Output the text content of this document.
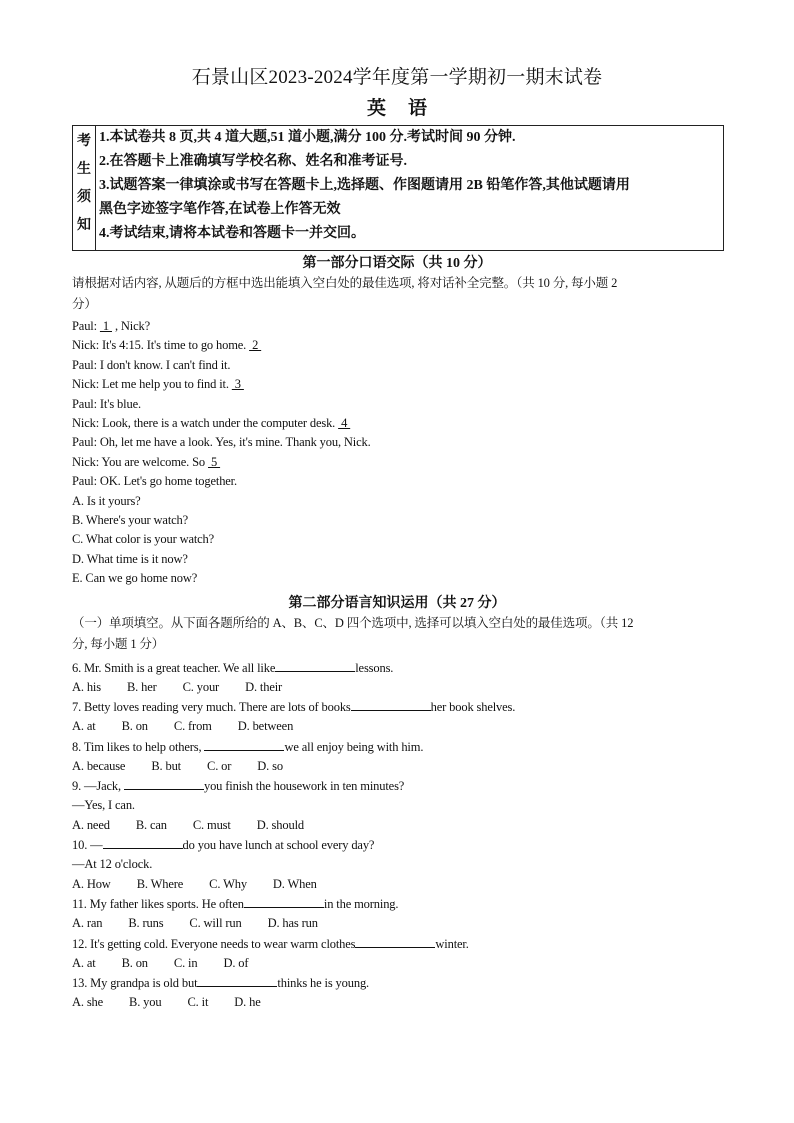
石景山区2023-2024学年度第一学期初一期末试卷
英语
考
生
须
知
1.本试卷共 8 页,共 4 道大题,51 道小题,满分 100 分.考试时间 90 分钟.
2.在答题卡上准确填写学校名称、姓名和准考证号.
3.试题答案一律填涂或书写在答题卡上,选择题、作图题请用 2B 铅笔作答,其他试题请用
黑色字迹签字笔作答,在试卷上作答无效
4.考试结束,请将本试卷和答题卡一并交回。
第一部分口语交际（共 10 分）
请根据对话内容, 从题后的方框中选出能填入空白处的最佳选项, 将对话补全完整。（共 10 分, 每小题 2
分）
Paul:  1  , Nick?
Nick: It's 4:15. It's time to go home.  2
Paul: I don't know. I can't find it.
Nick: Let me help you to find it.  3
Paul: It's blue.
Nick: Look, there is a watch under the computer desk.  4
Paul: Oh, let me have a look. Yes, it's mine. Thank you, Nick.
Nick: You are welcome. So  5
Paul: OK. Let's go home together.
A. Is it yours?
B. Where's your watch?
C. What color is your watch?
D. What time is it now?
E. Can we go home now?
第二部分语言知识运用（共 27 分）
（一）单项填空。从下面各题所给的 A、B、C、D 四个选项中, 选择可以填入空白处的最佳选项。（共 12
分, 每小题 1 分）
6. Mr. Smith is a great teacher. We all like	lessons.
A. his B. her C. your D. their
7. Betty loves reading very much. There are lots of books	her book shelves.
A. at B. on C. from D. between
8. Tim likes to help others,	we all enjoy being with him.
A. because B. but C. or D. so
9. —Jack,	you finish the housework in ten minutes?
—Yes, I can.
A. need B. can C. must D. should
10. —	do you have lunch at school every day?
—At 12 o'clock.
A. How B. Where C. Why D. When
11. My father likes sports. He often	in the morning.
A. ran B. runs C. will run D. has run
12. It's getting cold. Everyone needs to wear warm clothes	winter.
A. at B. on C. in D. of
13. My grandpa is old but	thinks he is young.
A. she B. you C. it D. he
